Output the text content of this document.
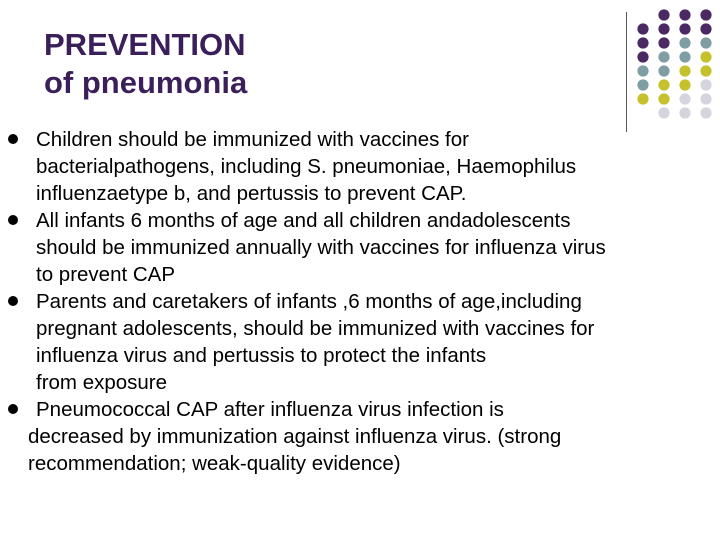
PREVENTION
of pneumonia
Children should be immunized with vaccines for
bacterialpathogens, including S. pneumoniae, Haemophilus
influenzaetype b, and pertussis to prevent CAP.
All infants 6 months of age and all children andadolescents
should be immunized annually with vaccines for influenza virus
to prevent CAP
Parents and caretakers of infants ,6 months of age,including
pregnant adolescents, should be immunized with vaccines for
influenza virus and pertussis to protect the infants
from exposure
Pneumococcal CAP after influenza virus infection is
decreased by immunization against influenza virus. (strong
recommendation; weak-quality evidence)
